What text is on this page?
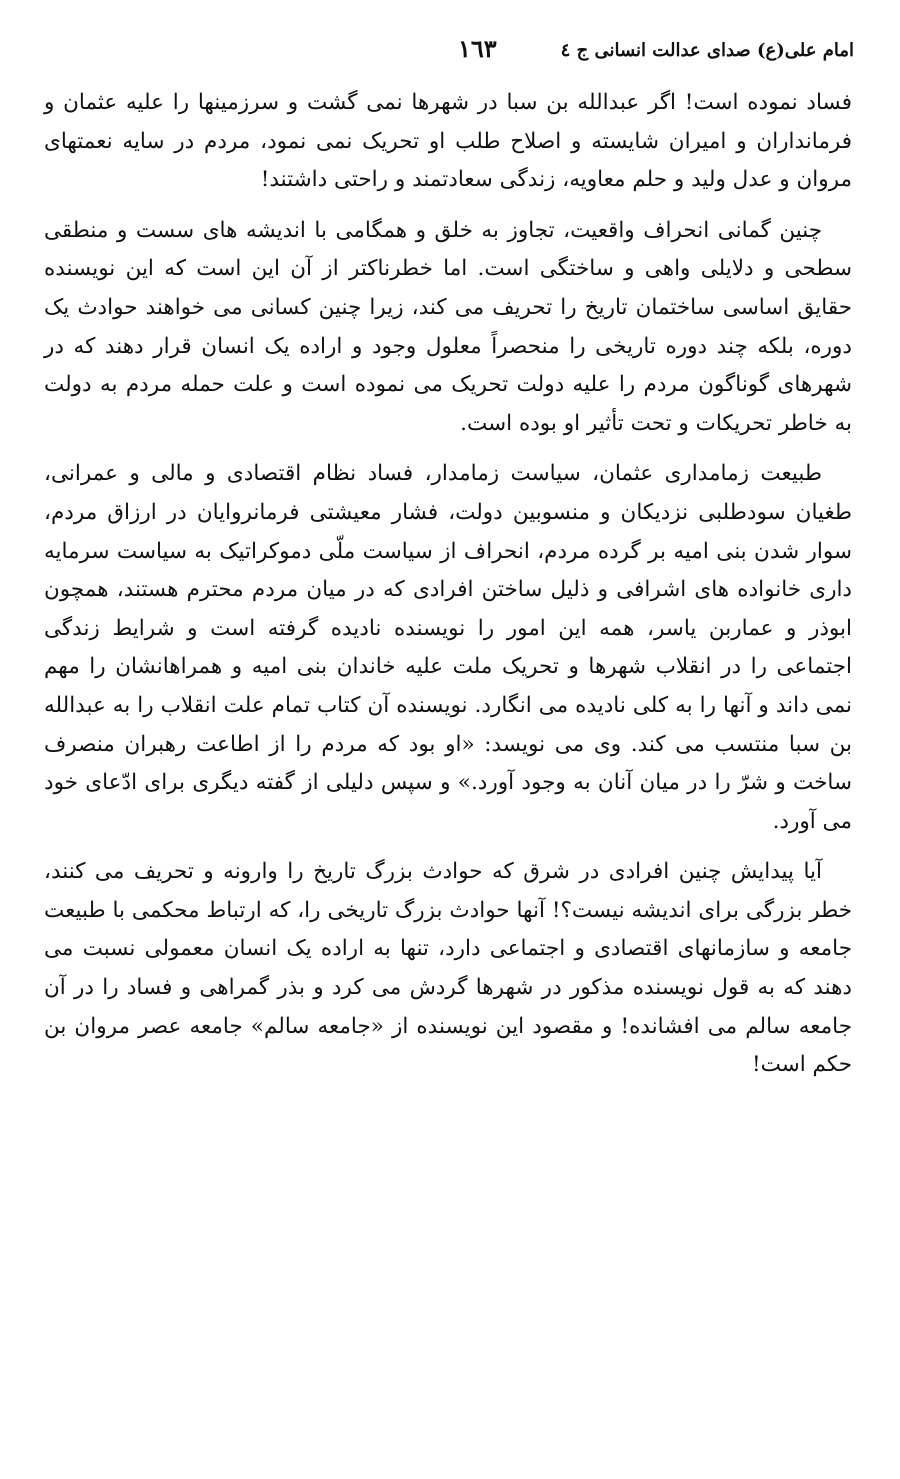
امام علی(ع) صدای عدالت انسانی ج ٤
١٦٣

فساد نموده است! اگر عبدالله بن سبا در شهرها نمی گشت و سرزمینها را علیه عثمان و فرمانداران و امیران شایسته و اصلاح طلب او تحریک نمی نمود، مردم در سایه نعمتهای مروان و عدل ولید و حلم معاویه، زندگی سعادتمند و راحتی داشتند!

چنین گمانی انحراف واقعیت، تجاوز به خلق و همگامی با اندیشه های سست و منطقی سطحی و دلایلی واهی و ساختگی است. اما خطرناکتر از آن این است که این نویسنده حقایق اساسی ساختمان تاریخ را تحریف می کند، زیرا چنین کسانی می خواهند حوادث یک دوره، بلکه چند دوره تاریخی را منحصراً معلول وجود و اراده یک انسان قرار دهند که در شهرهای گوناگون مردم را علیه دولت تحریک می نموده است و علت حمله مردم به دولت به خاطر تحریکات و تحت تأثیر او بوده است.

طبیعت زمامداری عثمان، سیاست زمامدار، فساد نظام اقتصادی و مالی و عمرانی، طغیان سودطلبی نزدیکان و منسوبین دولت، فشار معیشتی فرمانروایان در ارزاق مردم، سوار شدن بنی امیه بر گرده مردم، انحراف از سیاست ملّی دموکراتیک به سیاست سرمایه داری خانواده های اشرافی و ذلیل ساختن افرادی که در میان مردم محترم هستند، همچون ابوذر و عماربن یاسر، همه این امور را نویسنده نادیده گرفته است و شرایط زندگی اجتماعی را در انقلاب شهرها و تحریک ملت علیه خاندان بنی امیه و همراهانشان را مهم نمی داند و آنها را به کلی نادیده می انگارد. نویسنده آن کتاب تمام علت انقلاب را به عبدالله بن سبا منتسب می کند. وی می نویسد: «او بود که مردم را از اطاعت رهبران منصرف ساخت و شرّ را در میان آنان به وجود آورد.» و سپس دلیلی از گفته دیگری برای ادّعای خود می آورد.

آیا پیدایش چنین افرادی در شرق که حوادث بزرگ تاریخ را وارونه و تحریف می کنند، خطر بزرگی برای اندیشه نیست؟! آنها حوادث بزرگ تاریخی را، که ارتباط محکمی با طبیعت جامعه و سازمانهای اقتصادی و اجتماعی دارد، تنها به اراده یک انسان معمولی نسبت می دهند که به قول نویسنده مذکور در شهرها گردش می کرد و بذر گمراهی و فساد را در آن جامعه سالم می افشانده! و مقصود این نویسنده از «جامعه سالم» جامعه عصر مروان بن حکم است!
